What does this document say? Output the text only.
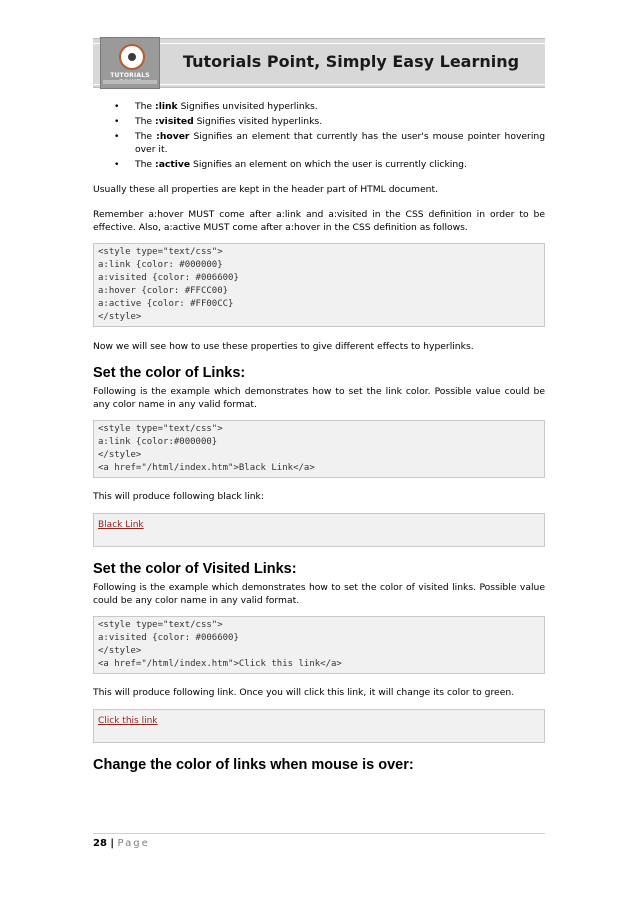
TUTORIALS
Tutorials Point, Simply Easy Learning
• The :link Signifies unvisited hyperlinks.
• The :visited Signifies visited hyperlinks.
• The :hover Signifies an element that currently has the user's mouse pointer hovering over it.
• The :active Signifies an element on which the user is currently clicking.

Usually these all properties are kept in the header part of HTML document.

Remember a:hover MUST come after a:link and a:visited in the CSS definition in order to be effective. Also, a:active MUST come after a:hover in the CSS definition as follows.

<style type="text/css">
a:link {color: #000000}
a:visited {color: #006600}
a:hover {color: #FFCC00}
a:active {color: #FF00CC}
</style>

Now we will see how to use these properties to give different effects to hyperlinks.

Set the color of Links:

Following is the example which demonstrates how to set the link color. Possible value could be any color name in any valid format.

<style type="text/css">
a:link {color:#000000}
</style>
<a href="/html/index.htm">Black Link</a>

This will produce following black link:

Black Link
Set the color of Visited Links:

Following is the example which demonstrates how to set the color of visited links. Possible value could be any color name in any valid format.

<style type="text/css">
a:visited {color: #006600}
</style>
<a href="/html/index.htm">Click this link</a>

This will produce following link. Once you will click this link, it will change its color to green.

Click this link
Change the color of links when mouse is over:
28 | Page
